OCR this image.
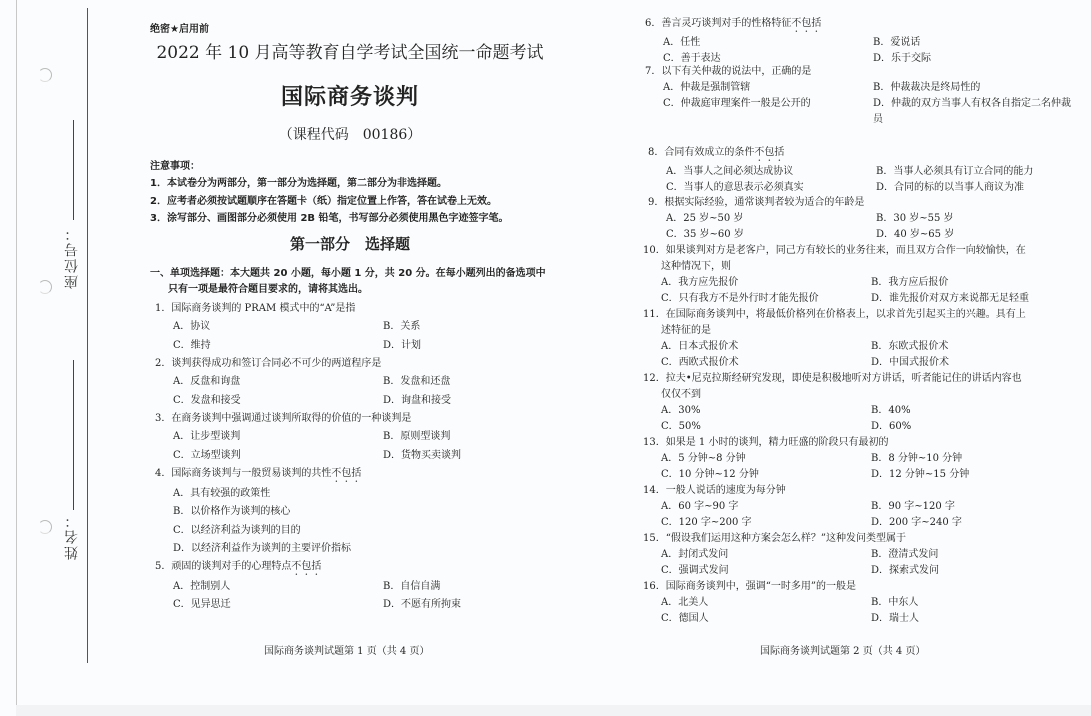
座位号：
姓名：
绝密★启用前
2022 年 10 月高等教育自学考试全国统一命题考试
国际商务谈判
（课程代码　00186）
注意事项：
1．本试卷分为两部分，第一部分为选择题，第二部分为非选择题。
2．应考者必须按试题顺序在答题卡（纸）指定位置上作答，答在试卷上无效。
3．涂写部分、画图部分必须使用 2B 铅笔，书写部分必须使用黑色字迹签字笔。
第一部分　选择题
一、单项选择题：本大题共 20 小题，每小题 1 分，共 20 分。在每小题列出的备选项中
只有一项是最符合题目要求的，请将其选出。
1．国际商务谈判的 PRAM 模式中的“A”是指
A．协议	B．关系
C．维持	D．计划
2．谈判获得成功和签订合同必不可少的两道程序是
A．反盘和询盘	B．发盘和还盘
C．发盘和接受	D．询盘和接受
3．在商务谈判中强调通过谈判所取得的价值的一种谈判是
A．让步型谈判	B．原则型谈判
C．立场型谈判	D．货物买卖谈判
4．国际商务谈判与一般贸易谈判的共性不包括
A．具有较强的政策性
B．以价格作为谈判的核心
C．以经济利益为谈判的目的
D．以经济利益作为谈判的主要评价指标
5．顽固的谈判对手的心理特点不包括
A．控制别人	B．自信自满
C．见异思迁	D．不愿有所拘束
国际商务谈判试题第 1 页（共 4 页）
6．善言灵巧谈判对手的性格特征不包括
A．任性	B．爱说话
C．善于表达	D．乐于交际
7．以下有关仲裁的说法中，正确的是
A．仲裁是强制管辖	B．仲裁裁决是终局性的
C．仲裁庭审理案件一般是公开的	D．仲裁的双方当事人有权各自指定二名仲裁员
8．合同有效成立的条件不包括
A．当事人之间必须达成协议	B．当事人必须具有订立合同的能力
C．当事人的意思表示必须真实	D．合同的标的以当事人商议为准
9．根据实际经验，通常谈判者较为适合的年龄是
A．25 岁~50 岁	B．30 岁~55 岁
C．35 岁~60 岁	D．40 岁~65 岁
10．如果谈判对方是老客户，同己方有较长的业务往来，而且双方合作一向较愉快，在
这种情况下，则
A．我方应先报价	B．我方应后报价
C．只有我方不是外行时才能先报价	D．谁先报价对双方来说都无足轻重
11．在国际商务谈判中，将最低价格列在价格表上，以求首先引起买主的兴趣。具有上
述特征的是
A．日本式报价术	B．东欧式报价术
C．西欧式报价术	D．中国式报价术
12．拉夫•尼克拉斯经研究发现，即使是积极地听对方讲话，听者能记住的讲话内容也
仅仅不到
A．30%	B．40%
C．50%	D．60%
13．如果是 1 小时的谈判，精力旺盛的阶段只有最初的
A．5 分钟~8 分钟	B．8 分钟~10 分钟
C．10 分钟~12 分钟	D．12 分钟~15 分钟
14．一般人说话的速度为每分钟
A．60 字~90 字	B．90 字~120 字
C．120 字~200 字	D．200 字~240 字
15．“假设我们运用这种方案会怎么样？”这种发问类型属于
A．封闭式发问	B．澄清式发问
C．强调式发问	D．探索式发问
16．国际商务谈判中，强调“一时多用”的一般是
A．北美人	B．中东人
C．德国人	D．瑞士人
国际商务谈判试题第 2 页（共 4 页）
